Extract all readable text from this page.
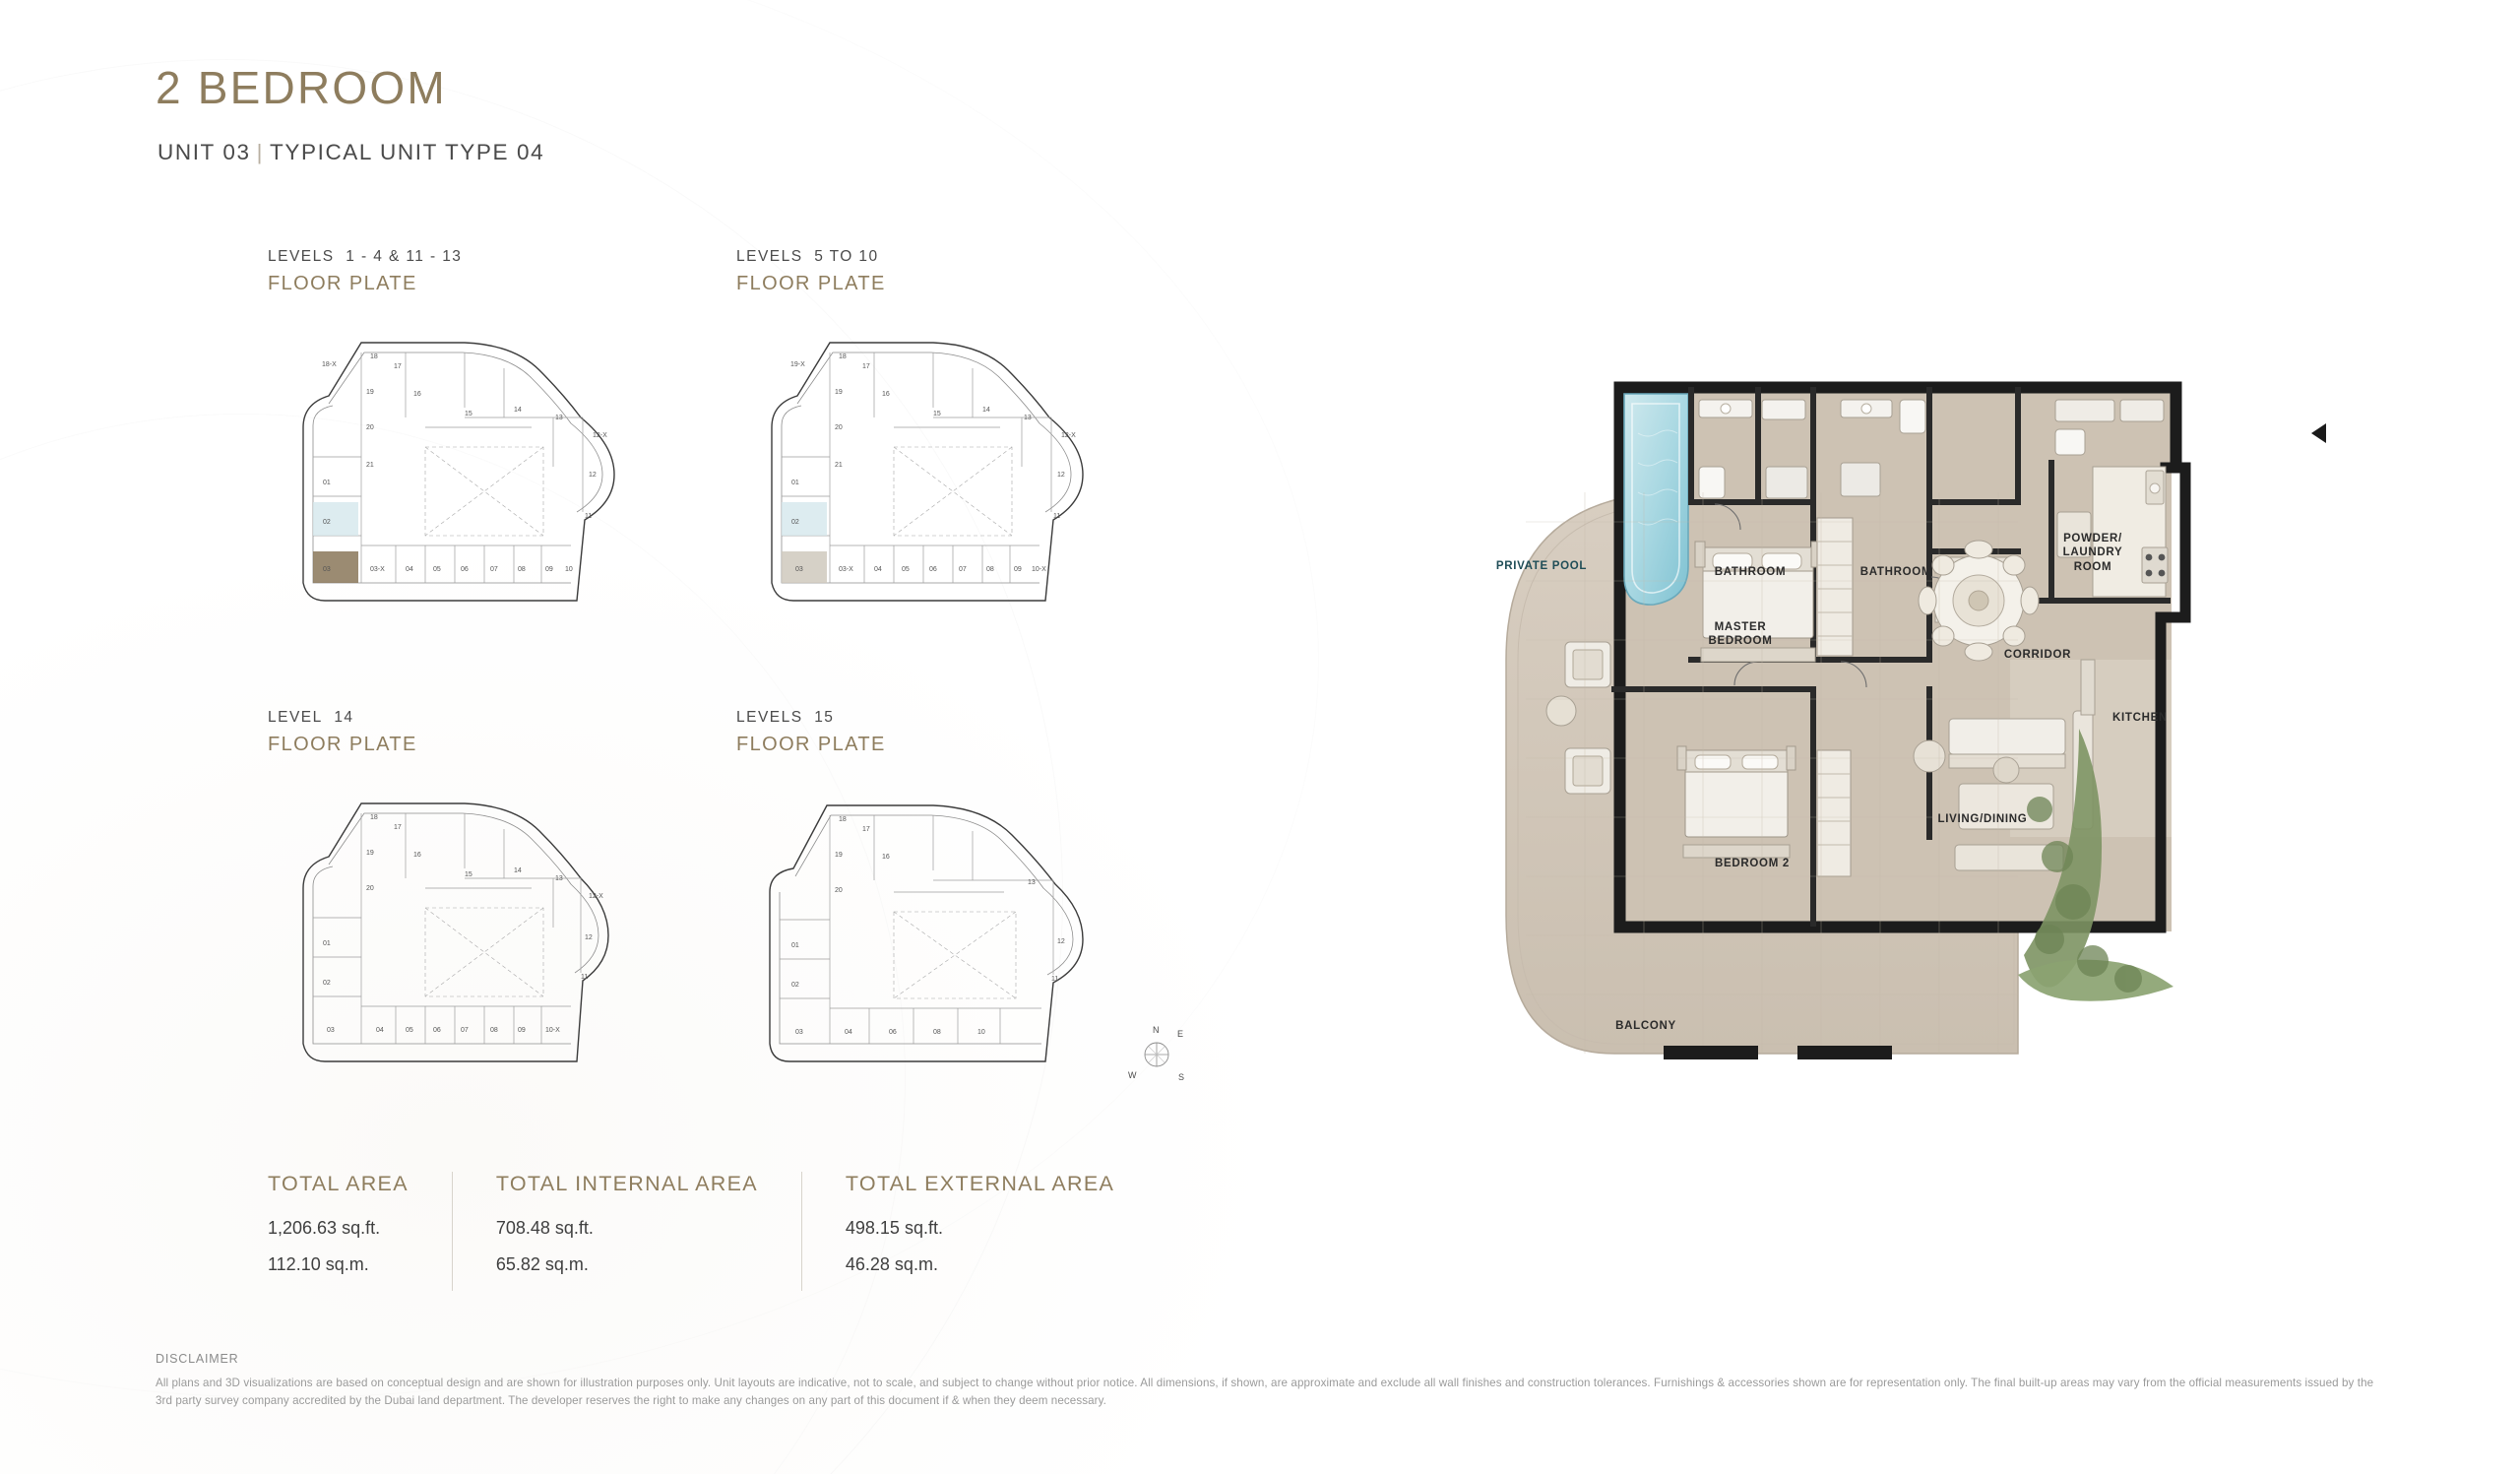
2 BEDROOM
UNIT 03 | TYPICAL UNIT TYPE 04
LEVELS 1 - 4 & 11 - 13
FLOOR PLATE
18-X
18
17
19
20
16
15
14
13
12-X
21
12
01
11
02
03	03-X	04	05	06	07	08	09 10
LEVELS 5 TO 10
FLOOR PLATE
19-X
18
17
19
20
16
15
14
13
12-X
21
12
01
11
02
03	03-X	04	05	06	07	08	09 10-X
LEVEL 14
FLOOR PLATE
18
17
19
20
16
15
14
13
12-X
01
12
02
11
03	04	05	06	07	08	09	10-X
LEVELS 15
FLOOR PLATE
18
17
19
20
16
13
01
12
02
11
03	04	06	08	10	N E
S
W
TOTAL AREA
1,206.63 sq.ft.
112.10 sq.m.
TOTAL INTERNAL AREA
708.48 sq.ft.
65.82 sq.m.
TOTAL EXTERNAL AREA
498.15 sq.ft.
46.28 sq.m.
DISCLAIMER
All plans and 3D visualizations are based on conceptual design and are shown for illustration purposes only. Unit layouts are indicative, not to scale, and subject to change without prior notice. All dimensions, if shown, are approximate and exclude all wall finishes and construction tolerances. Furnishings & accessories shown are for representation only. The final built-up areas may vary from the official measurements issued by the 3rd party survey company accredited by the Dubai land department. The developer reserves the right to make any changes on any part of this document if & when they deem necessary.
PRIVATE POOL	BATHROOM	BATHROOM
POWDER/
LAUNDRY
ROOM
MASTER
BEDROOM
CORRIDOR
KITCHEN
LIVING/DINING
BEDROOM 2
BALCONY
